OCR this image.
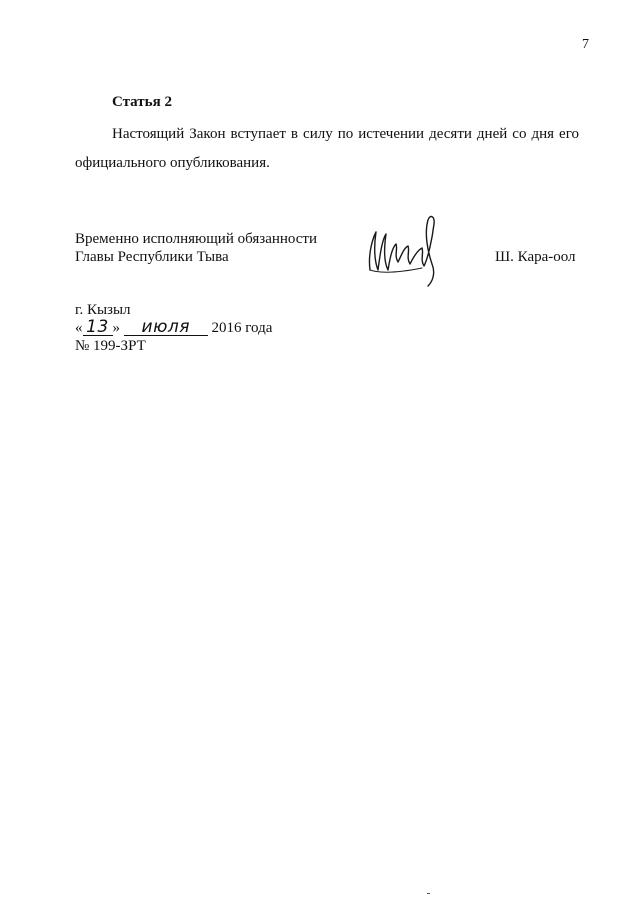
7
Статья 2
Настоящий Закон вступает в силу по истечении десяти дней со дня его официального опубликования.
Временно исполняющий обязанности
Главы Республики Тыва	Ш. Кара-оол
г. Кызыл
« 13 » июля 2016 года
№ 199-ЗРТ
